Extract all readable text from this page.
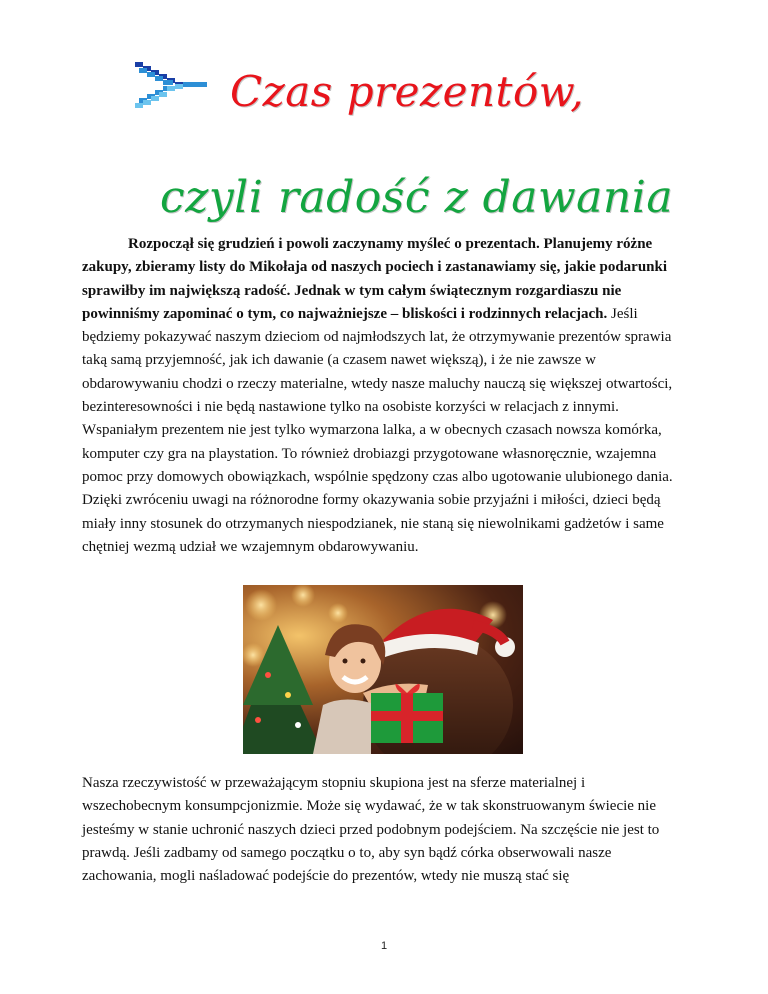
Czas prezentów,
czyli radość z dawania
Rozpoczął się grudzień i powoli zaczynamy myśleć o prezentach. Planujemy różne zakupy, zbieramy listy do Mikołaja od naszych pociech i zastanawiamy się, jakie podarunki sprawiłby im największą radość. Jednak w tym całym świątecznym rozgardiaszu nie powinniśmy zapominać o tym, co najważniejsze – bliskości i rodzinnych relacjach. Jeśli będziemy pokazywać naszym dzieciom od najmłodszych lat, że otrzymywanie prezentów sprawia taką samą przyjemność, jak ich dawanie (a czasem nawet większą), i że nie zawsze w obdarowywaniu chodzi o rzeczy materialne, wtedy nasze maluchy nauczą się większej otwartości, bezinteresowności i nie będą nastawione tylko na osobiste korzyści w relacjach z innymi. Wspaniałym prezentem nie jest tylko wymarzona lalka, a w obecnych czasach nowsza komórka, komputer czy gra na playstation. To również drobiazgi przygotowane własnoręcznie, wzajemna pomoc przy domowych obowiązkach, wspólnie spędzony czas albo ugotowanie ulubionego dania. Dzięki zwróceniu uwagi na różnorodne formy okazywania sobie przyjaźni i miłości, dzieci będą miały inny stosunek do otrzymanych niespodzianek, nie staną się niewolnikami gadżetów i same chętniej wezmą udział we wzajemnym obdarowywaniu.
Nasza rzeczywistość w przeważającym stopniu skupiona jest na sferze materialnej i wszechobecnym konsumpcjonizmie. Może się wydawać, że w tak skonstruowanym świecie nie jesteśmy w stanie uchronić naszych dzieci przed podobnym podejściem. Na szczęście nie jest to prawdą. Jeśli zadbamy od samego początku o to, aby syn bądź córka obserwowali nasze zachowania, mogli naśladować podejście do prezentów, wtedy nie muszą stać się
1
